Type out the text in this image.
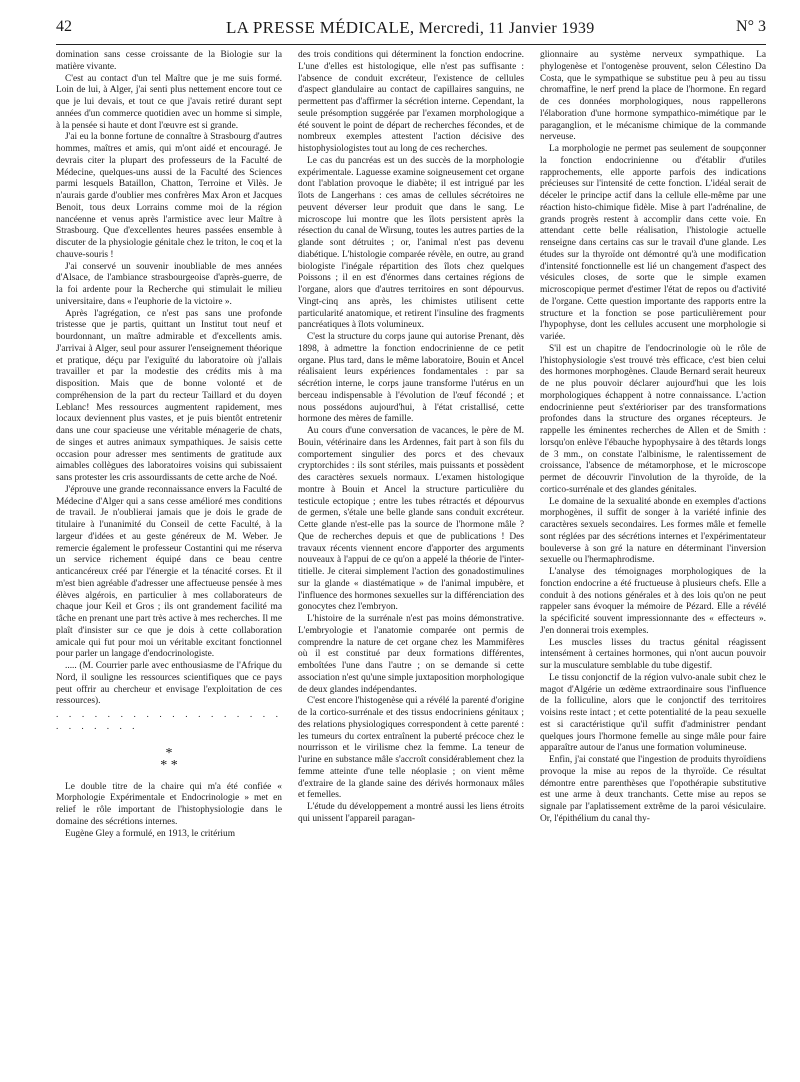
42	LA PRESSE MÉDICALE, Mercredi, 11 Janvier 1939	N° 3

domination sans cesse croissante de la Biologie sur la matière vivante.

C'est au contact d'un tel Maître que je me suis formé. Loin de lui, à Alger, j'ai senti plus nettement encore tout ce que je lui devais, et tout ce que j'avais retiré durant sept années d'un commerce quotidien avec un homme si simple, à la pensée si haute et dont l'œuvre est si grande.

J'ai eu la bonne fortune de connaître à Strasbourg d'autres hommes, maîtres et amis, qui m'ont aidé et encouragé. Je devrais citer la plupart des professeurs de la Faculté de Médecine, quelques-uns aussi de la Faculté des Sciences parmi lesquels Bataillon, Chatton, Terroine et Vilès. Je n'aurais garde d'oublier mes confrères Max Aron et Jacques Benoit, tous deux Lorrains comme moi de la région nancéenne et venus après l'armistice avec leur Maître à Strasbourg. Que d'excellentes heures passées ensemble à discuter de la physiologie génitale chez le triton, le coq et la chauve-souris !

J'ai conservé un souvenir inoubliable de mes années d'Alsace, de l'ambiance strasbourgeoise d'après-guerre, de la foi ardente pour la Recherche qui stimulait le milieu universitaire, dans « l'euphorie de la victoire ».

Après l'agrégation, ce n'est pas sans une profonde tristesse que je partis, quittant un Institut tout neuf et bourdonnant, un maître admirable et d'excellents amis. J'arrivai à Alger, seul pour assurer l'enseignement théorique et pratique, déçu par l'exiguïté du laboratoire où j'allais travailler et par la modestie des crédits mis à ma disposition. Mais que de bonne volonté et de compréhension de la part du recteur Taillard et du doyen Leblanc! Mes ressources augmentent rapidement, mes locaux deviennent plus vastes, et je puis bientôt entretenir dans une cour spacieuse une véritable ménagerie de chats, de singes et autres animaux sympathiques. Je saisis cette occasion pour adresser mes sentiments de gratitude aux aimables collègues des laboratoires voisins qui subissaient sans protester les cris assourdissants de cette arche de Noé.

J'éprouve une grande reconnaissance envers la Faculté de Médecine d'Alger qui a sans cesse amélioré mes conditions de travail. Je n'oublierai jamais que je dois le grade de titulaire à l'unanimité du Conseil de cette Faculté, à la largeur d'idées et au geste généreux de M. Weber. Je remercie également le professeur Costantini qui me réserva un service richement équipé dans ce beau centre anticancéreux créé par l'énergie et la ténacité corses. Et il m'est bien agréable d'adresser une affectueuse pensée à mes élèves algérois, en particulier à mes collaborateurs de chaque jour Keil et Gros ; ils ont grandement facilité ma tâche en prenant une part très active à mes recherches. Il me plaît d'insister sur ce que je dois à cette collaboration amicale qui fut pour moi un véritable excitant fonctionnel pour parler un langage d'endocrinologiste.

..... (M. Courrier parle avec enthousiasme de l'Afrique du Nord, il souligne les ressources scientifiques que ce pays peut offrir au chercheur et envisage l'exploitation de ces ressources).

. . . . . . . . . . . . . . . . . . . . . . . . .

*
* *

Le double titre de la chaire qui m'a été confiée « Morphologie Expérimentale et Endocrinologie » met en relief le rôle important de l'histophysiologie dans le domaine des sécrétions internes.

Eugène Gley a formulé, en 1913, le critérium

des trois conditions qui déterminent la fonction endocrine. L'une d'elles est histologique, elle n'est pas suffisante : l'absence de conduit excréteur, l'existence de cellules d'aspect glandulaire au contact de capillaires sanguins, ne permettent pas d'affirmer la sécrétion interne. Cependant, la seule présomption suggérée par l'examen morphologique a été souvent le point de départ de recherches fécondes, et de nombreux exemples attestent l'action décisive des histophysiologistes tout au long de ces recherches.

Le cas du pancréas est un des succès de la morphologie expérimentale. Laguesse examine soigneusement cet organe dont l'ablation provoque le diabète; il est intrigué par les îlots de Langerhans : ces amas de cellules sécrétoires ne peuvent déverser leur produit que dans le sang. Le microscope lui montre que les îlots persistent après la résection du canal de Wirsung, toutes les autres parties de la glande sont détruites ; or, l'animal n'est pas devenu diabétique. L'histologie comparée révèle, en outre, au grand biologiste l'inégale répartition des îlots chez quelques Poissons ; il en est d'énormes dans certaines régions de l'organe, alors que d'autres territoires en sont dépourvus. Vingt-cinq ans après, les chimistes utilisent cette particularité anatomique, et retirent l'insuline des fragments pancréatiques à îlots volumineux.

C'est la structure du corps jaune qui autorise Prenant, dès 1898, à admettre la fonction endocrinienne de ce petit organe. Plus tard, dans le même laboratoire, Bouin et Ancel réalisaient leurs expériences fondamentales : par sa sécrétion interne, le corps jaune transforme l'utérus en un berceau indispensable à l'évolution de l'œuf fécondé ; et nous possédons aujourd'hui, à l'état cristallisé, cette hormone des mères de famille.

Au cours d'une conversation de vacances, le père de M. Bouin, vétérinaire dans les Ardennes, fait part à son fils du comportement singulier des porcs et des chevaux cryptorchides : ils sont stériles, mais puissants et possèdent des caractères sexuels normaux. L'examen histologique montre à Bouin et Ancel la structure particulière du testicule ectopique ; entre les tubes rétractés et dépourvus de germen, s'étale une belle glande sans conduit excréteur. Cette glande n'est-elle pas la source de l'hormone mâle ? Que de recherches depuis et que de publications ! Des travaux récents viennent encore d'apporter des arguments nouveaux à l'appui de ce qu'on a appelé la théorie de l'inter-titielle. Je citerai simplement l'action des gonadostimulines sur la glande « diastématique » de l'animal impubère, et l'influence des hormones sexuelles sur la différenciation des gonocytes chez l'embryon.

L'histoire de la surrénale n'est pas moins démonstrative. L'embryologie et l'anatomie comparée ont permis de comprendre la nature de cet organe chez les Mammifères où il est constitué par deux formations différentes, emboîtées l'une dans l'autre ; on se demande si cette association n'est qu'une simple juxtaposition morphologique de deux glandes indépendantes.

C'est encore l'histogenèse qui a révélé la parenté d'origine de la cortico-surrénale et des tissus endocriniens génitaux ; des relations physiologiques correspondent à cette parenté : les tumeurs du cortex entraînent la puberté précoce chez le nourrisson et le virilisme chez la femme. La teneur de l'urine en substance mâle s'accroît considérablement chez la femme atteinte d'une telle néoplasie ; on vient même d'extraire de la glande saine des dérivés hormonaux mâles et femelles.

L'étude du développement a montré aussi les liens étroits qui unissent l'appareil paragan-

glionnaire au système nerveux sympathique. La phylogenèse et l'ontogenèse prouvent, selon Célestino Da Costa, que le sympathique se substitue peu à peu au tissu chromaffine, le nerf prend la place de l'hormone. En regard de ces données morphologiques, nous rappellerons l'élaboration d'une hormone sympathico-mimétique par le paraganglion, et le mécanisme chimique de la commande nerveuse.

La morphologie ne permet pas seulement de soupçonner la fonction endocrinienne ou d'établir d'utiles rapprochements, elle apporte parfois des indications précieuses sur l'intensité de cette fonction. L'idéal serait de déceler le principe actif dans la cellule elle-même par une réaction histo-chimique fidèle. Mise à part l'adrénaline, de grands progrès restent à accomplir dans cette voie. En attendant cette belle réalisation, l'histologie actuelle renseigne dans certains cas sur le travail d'une glande. Les études sur la thyroïde ont démontré qu'à une modification d'intensité fonctionnelle est lié un changement d'aspect des vésicules closes, de sorte que le simple examen microscopique permet d'estimer l'état de repos ou d'activité de l'organe. Cette question importante des rapports entre la structure et la fonction se pose particulièrement pour l'hypophyse, dont les cellules accusent une morphologie si variée.

S'il est un chapitre de l'endocrinologie où le rôle de l'histophysiologie s'est trouvé très efficace, c'est bien celui des hormones morphogènes. Claude Bernard serait heureux de ne plus pouvoir déclarer aujourd'hui que les lois morphologiques échappent à notre connaissance. L'action endocrinienne peut s'extérioriser par des transformations profondes dans la structure des organes récepteurs. Je rappelle les éminentes recherches de Allen et de Smith : lorsqu'on enlève l'ébauche hypophysaire à des têtards longs de 3 mm., on constate l'albinisme, le ralentissement de croissance, l'absence de métamorphose, et le microscope permet de découvrir l'involution de la thyroïde, de la cortico-surrénale et des glandes génitales.

Le domaine de la sexualité abonde en exemples d'actions morphogènes, il suffit de songer à la variété infinie des caractères sexuels secondaires. Les formes mâle et femelle sont réglées par des sécrétions internes et l'expérimentateur bouleverse à son gré la nature en déterminant l'inversion sexuelle ou l'hermaphrodisme.

L'analyse des témoignages morphologiques de la fonction endocrine a été fructueuse à plusieurs chefs. Elle a conduit à des notions générales et à des lois qu'on ne peut rappeler sans évoquer la mémoire de Pézard. Elle a révélé la spécificité souvent impressionnante des « effecteurs ». J'en donnerai trois exemples.

Les muscles lisses du tractus génital réagissent intensément à certaines hormones, qui n'ont aucun pouvoir sur la musculature semblable du tube digestif.

Le tissu conjonctif de la région vulvo-anale subit chez le magot d'Algérie un œdème extraordinaire sous l'influence de la folliculine, alors que le conjonctif des territoires voisins reste intact ; et cette potentialité de la peau sexuelle est si caractéristique qu'il suffit d'administrer pendant quelques jours l'hormone femelle au singe mâle pour faire apparaître autour de l'anus une formation volumineuse.

Enfin, j'ai constaté que l'ingestion de produits thyroïdiens provoque la mise au repos de la thyroïde. Ce résultat démontre entre parenthèses que l'opothérapie substitutive est une arme à deux tranchants. Cette mise au repos se signale par l'aplatissement extrême de la paroi vésiculaire. Or, l'épithélium du canal thy-
